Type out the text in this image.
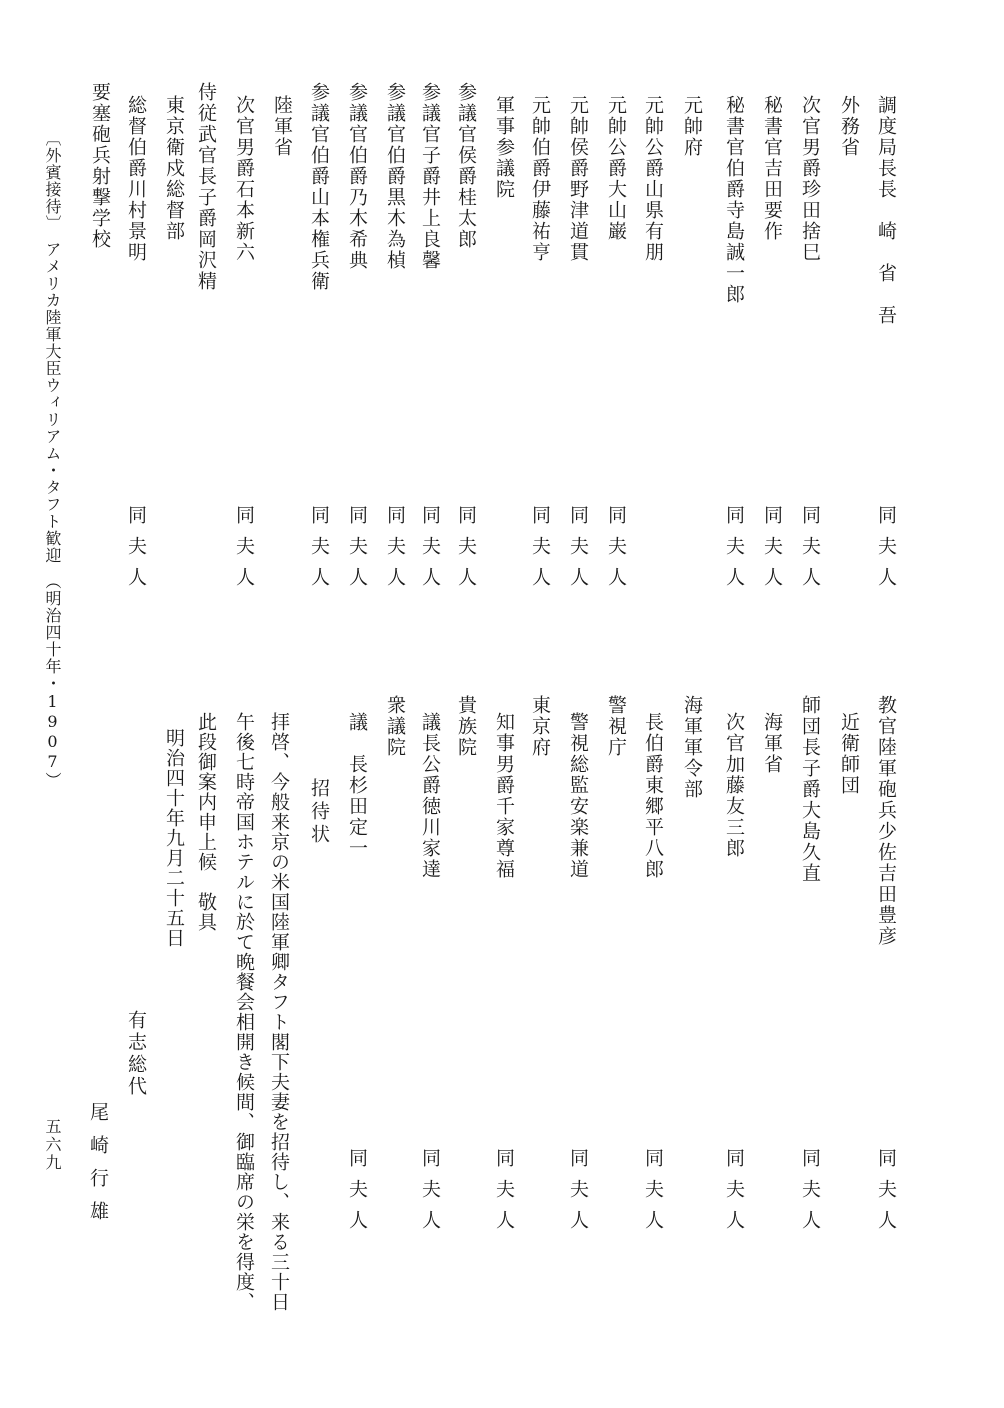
調度局長長　崎　省　吾
同夫人
外務省
次官男爵珍田捨巳
同夫人
秘書官吉田要作
同夫人
秘書官伯爵寺島誠一郎
同夫人
元帥府
元帥公爵山県有朋
元帥公爵大山巌
同夫人
元帥侯爵野津道貫
同夫人
元帥伯爵伊藤祐亨
同夫人
軍事参議院
参議官侯爵桂太郎
同夫人
参議官子爵井上良馨
同夫人
参議官伯爵黒木為楨
同夫人
参議官伯爵乃木希典
同夫人
参議官伯爵山本権兵衛
同夫人
陸軍省
次官男爵石本新六
同夫人
侍従武官長子爵岡沢精
東京衛戍総督部
総督伯爵川村景明
同夫人
要塞砲兵射撃学校
教官陸軍砲兵少佐吉田豊彦
同夫人
近衛師団
師団長子爵大島久直
同夫人
海軍省
次官加藤友三郎
同夫人
海軍軍令部
長伯爵東郷平八郎
同夫人
警視庁
警視総監安楽兼道
同夫人
東京府
知事男爵千家尊福
同夫人
貴族院
議長公爵徳川家達
同夫人
衆議院
議　長杉田定一
同夫人
招待状
拝啓、今般来京の米国陸軍卿タフト閣下夫妻を招待し、来る三十日
午後七時帝国ホテルに於て晩餐会相開き候間、御臨席の栄を得度、
此段御案内申上候　敬具
明治四十年九月二十五日
有志総代
尾崎行雄
五六九
〔外賓接待〕　アメリカ陸軍大臣ウィリアム・タフト歓迎　（明治四十年・1907）
